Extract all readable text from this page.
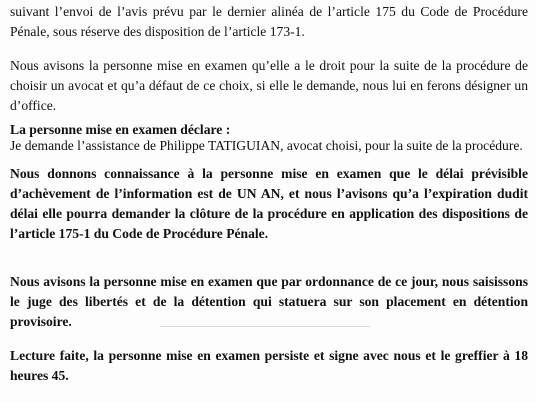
suivant l’envoi de l’avis prévu par le dernier alinéa de l’article 175 du Code de Procédure Pénale, sous réserve des disposition de l’article 173-1.

Nous avisons la personne mise en examen qu’elle a le droit pour la suite de la procédure de choisir un avocat et qu’a défaut de ce choix, si elle le demande, nous lui en ferons désigner un d’office.

La personne mise en examen déclare :

Je demande l’assistance de Philippe TATIGUIAN, avocat choisi, pour la suite de la procédure.

Nous donnons connaissance à la personne mise en examen que le délai prévisible d’achèvement de l’information est de UN AN, et nous l’avisons qu’a l’expiration dudit délai elle pourra demander la clôture de la procédure en application des dispositions de l’article 175-1 du Code de Procédure Pénale.

Nous avisons la personne mise en examen que par ordonnance de ce jour, nous saisissons le juge des libertés et de la détention qui statuera sur son placement en détention provisoire.

Lecture faite, la personne mise en examen persiste et signe avec nous et le greffier à 18 heures 45.
